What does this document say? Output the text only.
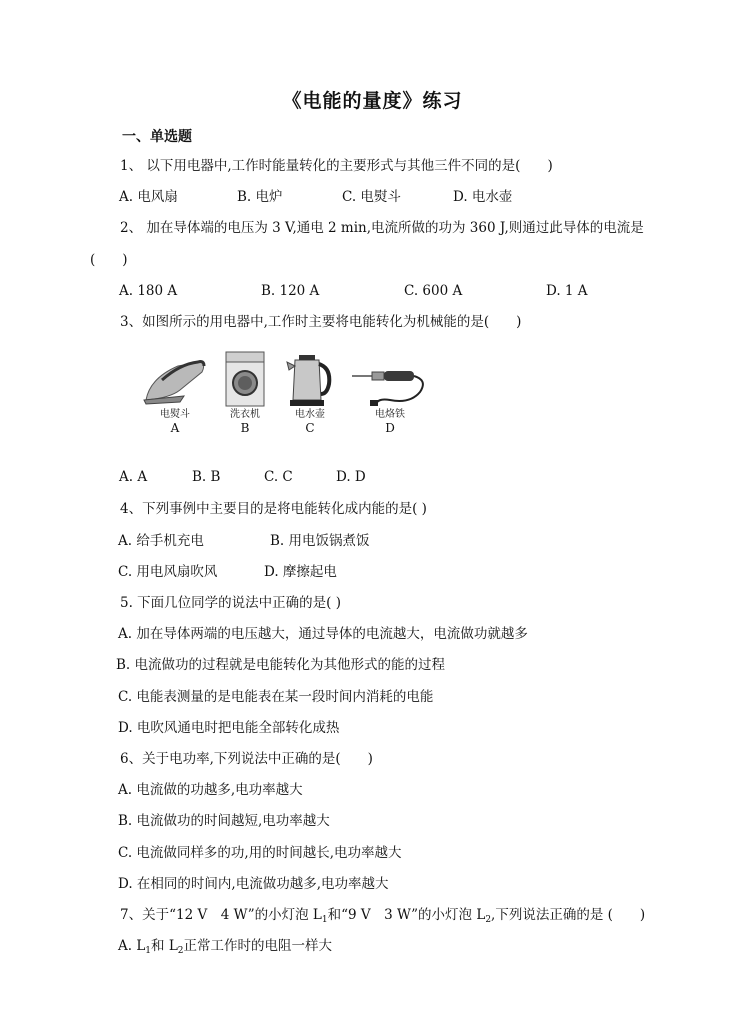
《电能的量度》练习
一、单选题
1、 以下用电器中,工作时能量转化的主要形式与其他三件不同的是(　　)
A. 电风扇	B. 电炉	C. 电熨斗	D. 电水壶
2、 加在导体端的电压为 3 V,通电 2 min,电流所做的功为 360 J,则通过此导体的电流是
(　　)
A. 180 A	B. 120 A	C. 600 A	D. 1 A
3、如图所示的用电器中,工作时主要将电能转化为机械能的是(　　)
电熨斗
A
洗衣机
B
电水壶
C
电烙铁
D
A. A	B. B	C. C	D. D
4、下列事例中主要目的是将电能转化成内能的是( )
A. 给手机充电	B. 用电饭锅煮饭
C. 用电风扇吹风	D. 摩擦起电
5. 下面几位同学的说法中正确的是( )
A. 加在导体两端的电压越大，通过导体的电流越大，电流做功就越多
B. 电流做功的过程就是电能转化为其他形式的能的过程
C. 电能表测量的是电能表在某一段时间内消耗的电能
D. 电吹风通电时把电能全部转化成热
6、关于电功率,下列说法中正确的是(　　)
A. 电流做的功越多,电功率越大
B. 电流做功的时间越短,电功率越大
C. 电流做同样多的功,用的时间越长,电功率越大
D. 在相同的时间内,电流做功越多,电功率越大
7、关于“12 V　4 W”的小灯泡 $L_1$和“9 V　3 W”的小灯泡 $L_2$,下列说法正确的是 (　　)
A. $L_1$和 $L_2$正常工作时的电阻一样大
